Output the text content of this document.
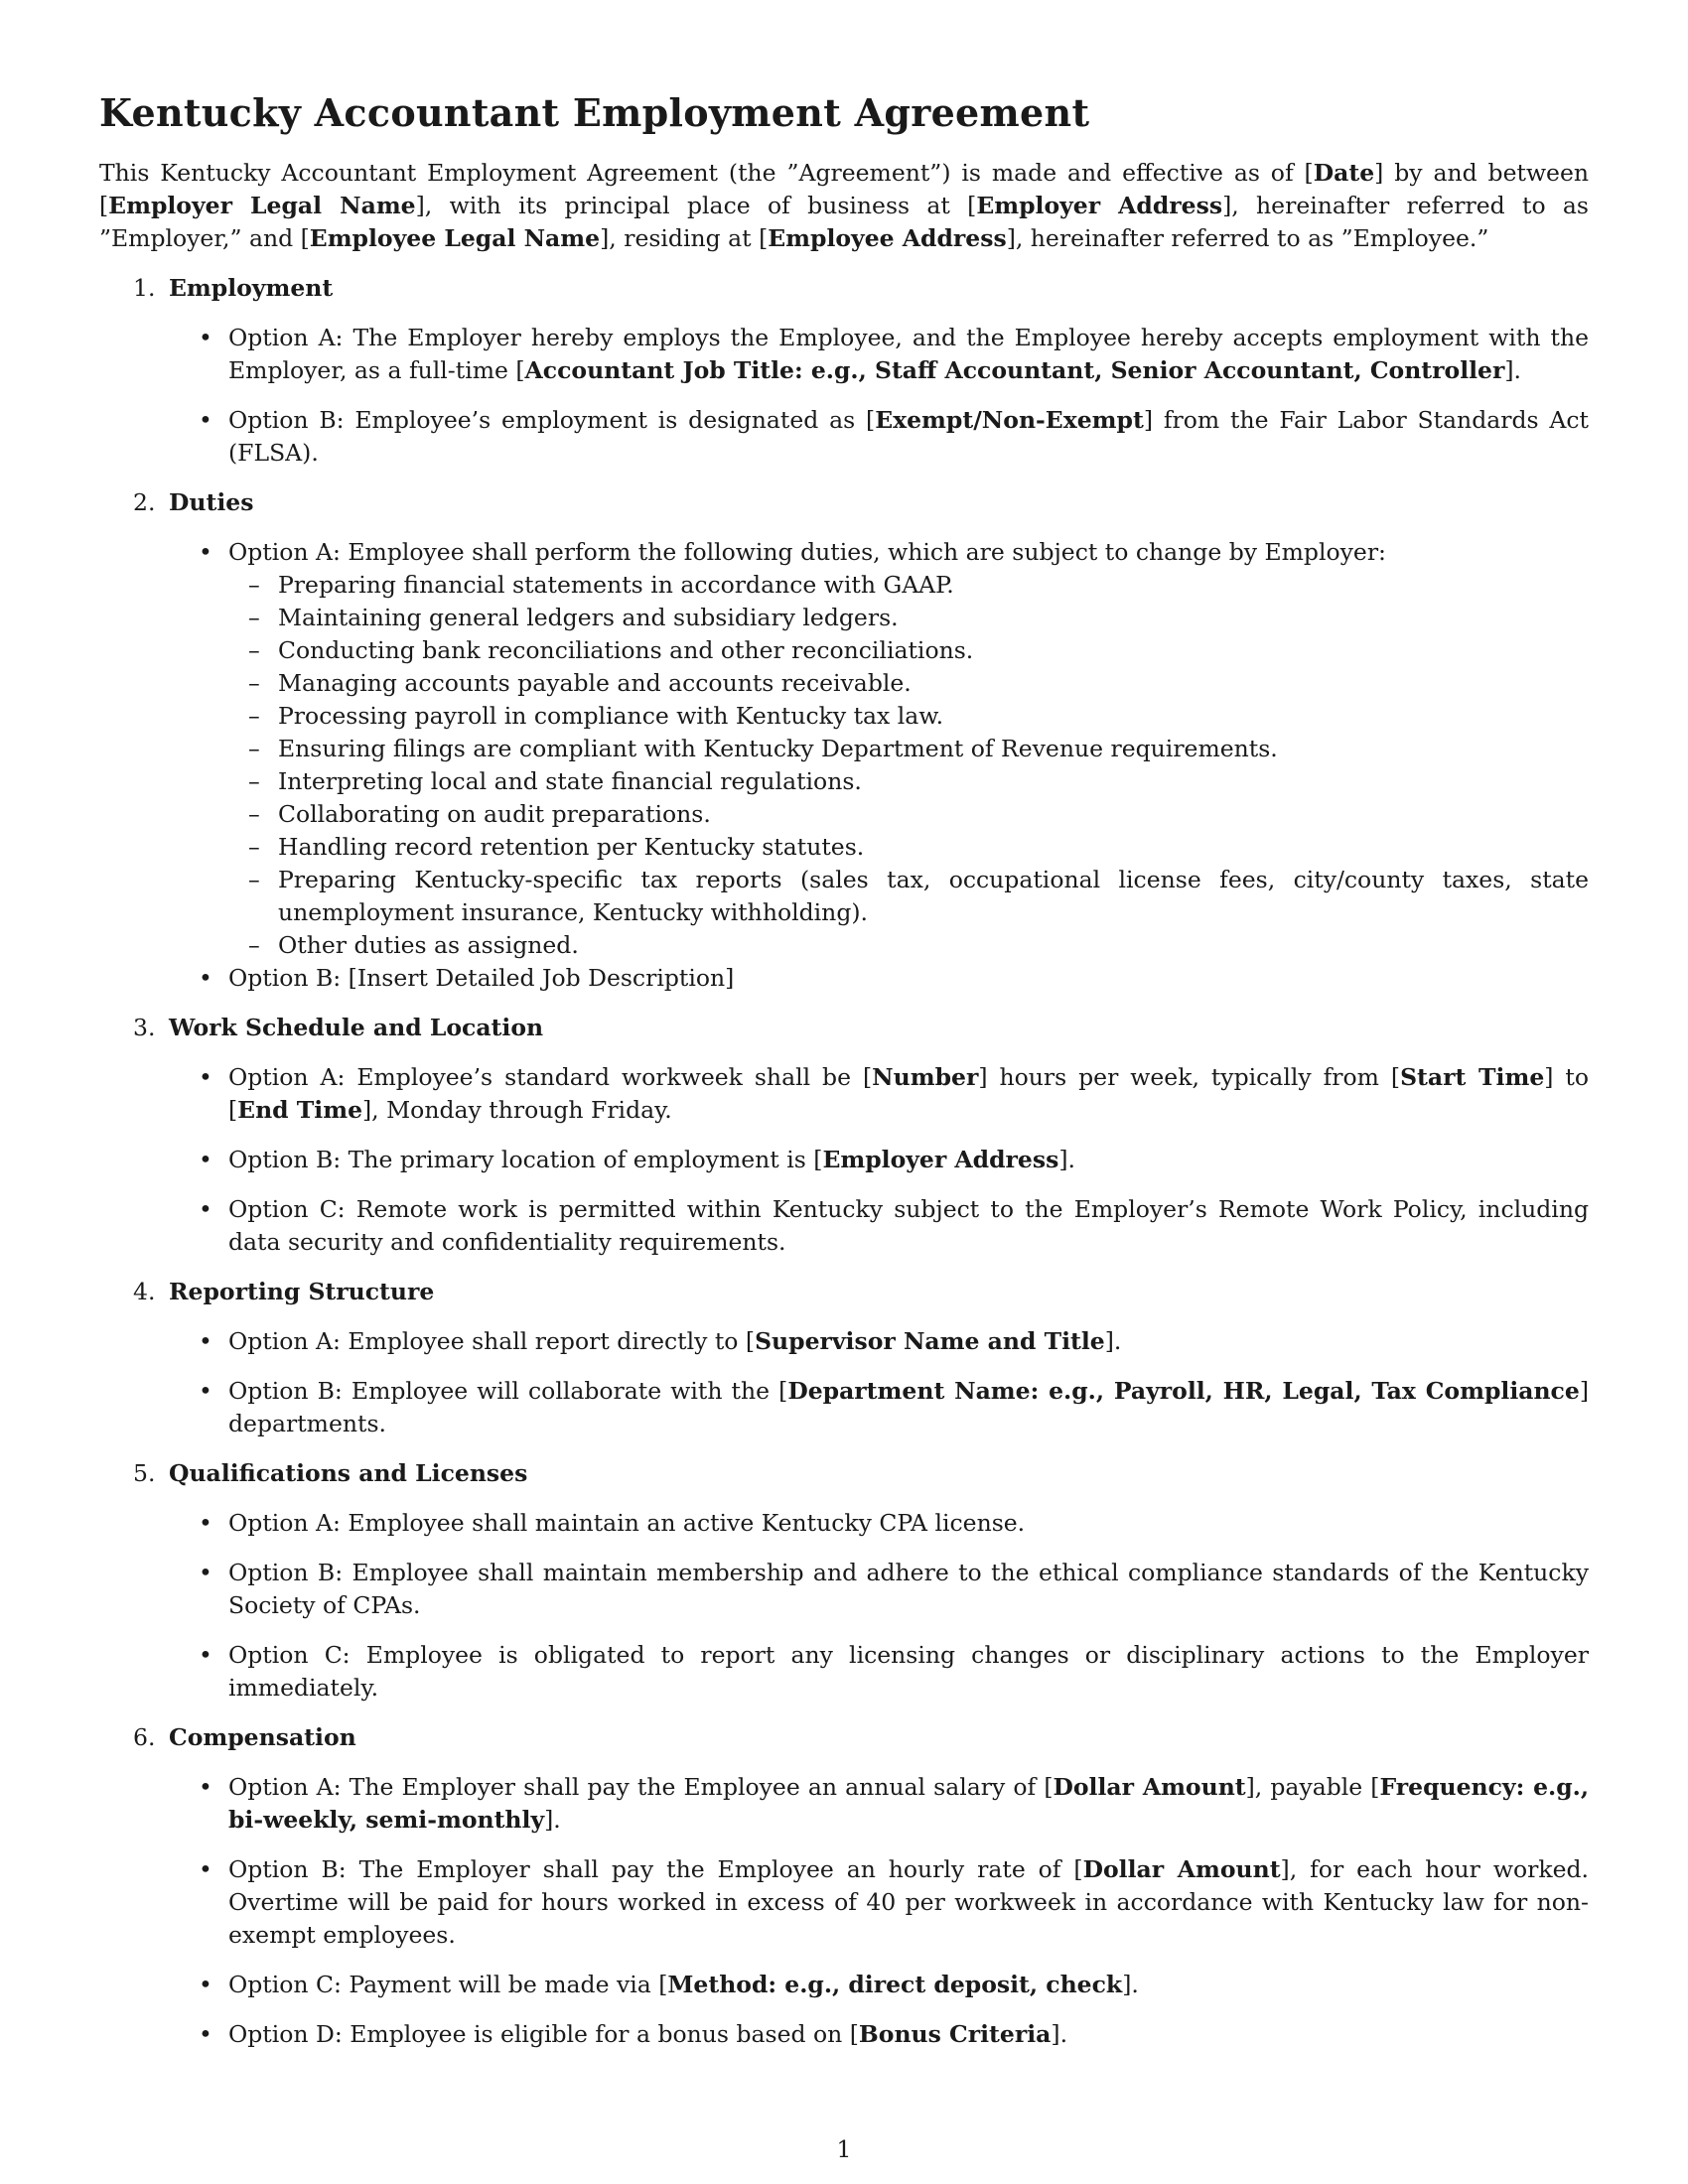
Kentucky Accountant Employment Agreement

This Kentucky Accountant Employment Agreement (the ”Agreement”) is made and effective as of [Date] by and between [Employer Legal Name], with its principal place of business at [Employer Address], hereinafter referred to as ”Employer,” and [Employee Legal Name], residing at [Employee Address], hereinafter referred to as ”Employee.”

1. Employment
• Option A: The Employer hereby employs the Employee, and the Employee hereby accepts employment with the Employer, as a full-time [Accountant Job Title: e.g., Staff Accountant, Senior Accountant, Controller].
• Option B: Employee’s employment is designated as [Exempt/Non-Exempt] from the Fair Labor Standards Act (FLSA).
2. Duties
• Option A: Employee shall perform the following duties, which are subject to change by Employer:
– Preparing financial statements in accordance with GAAP.
– Maintaining general ledgers and subsidiary ledgers.
– Conducting bank reconciliations and other reconciliations.
– Managing accounts payable and accounts receivable.
– Processing payroll in compliance with Kentucky tax law.
– Ensuring filings are compliant with Kentucky Department of Revenue requirements.
– Interpreting local and state financial regulations.
– Collaborating on audit preparations.
– Handling record retention per Kentucky statutes.
– Preparing Kentucky-specific tax reports (sales tax, occupational license fees, city/county taxes, state unemployment insurance, Kentucky withholding).
– Other duties as assigned.
• Option B: [Insert Detailed Job Description]
3. Work Schedule and Location
• Option A: Employee’s standard workweek shall be [Number] hours per week, typically from [Start Time] to [End Time], Monday through Friday.
• Option B: The primary location of employment is [Employer Address].
• Option C: Remote work is permitted within Kentucky subject to the Employer’s Remote Work Policy, including data security and confidentiality requirements.
4. Reporting Structure
• Option A: Employee shall report directly to [Supervisor Name and Title].
• Option B: Employee will collaborate with the [Department Name: e.g., Payroll, HR, Legal, Tax Compliance] departments.
5. Qualifications and Licenses
• Option A: Employee shall maintain an active Kentucky CPA license.
• Option B: Employee shall maintain membership and adhere to the ethical compliance standards of the Kentucky Society of CPAs.
• Option C: Employee is obligated to report any licensing changes or disciplinary actions to the Employer immediately.
6. Compensation
• Option A: The Employer shall pay the Employee an annual salary of [Dollar Amount], payable [Frequency: e.g., bi-weekly, semi-monthly].
• Option B: The Employer shall pay the Employee an hourly rate of [Dollar Amount], for each hour worked. Overtime will be paid for hours worked in excess of 40 per workweek in accordance with Kentucky law for non-exempt employees.
• Option C: Payment will be made via [Method: e.g., direct deposit, check].
• Option D: Employee is eligible for a bonus based on [Bonus Criteria].
1
